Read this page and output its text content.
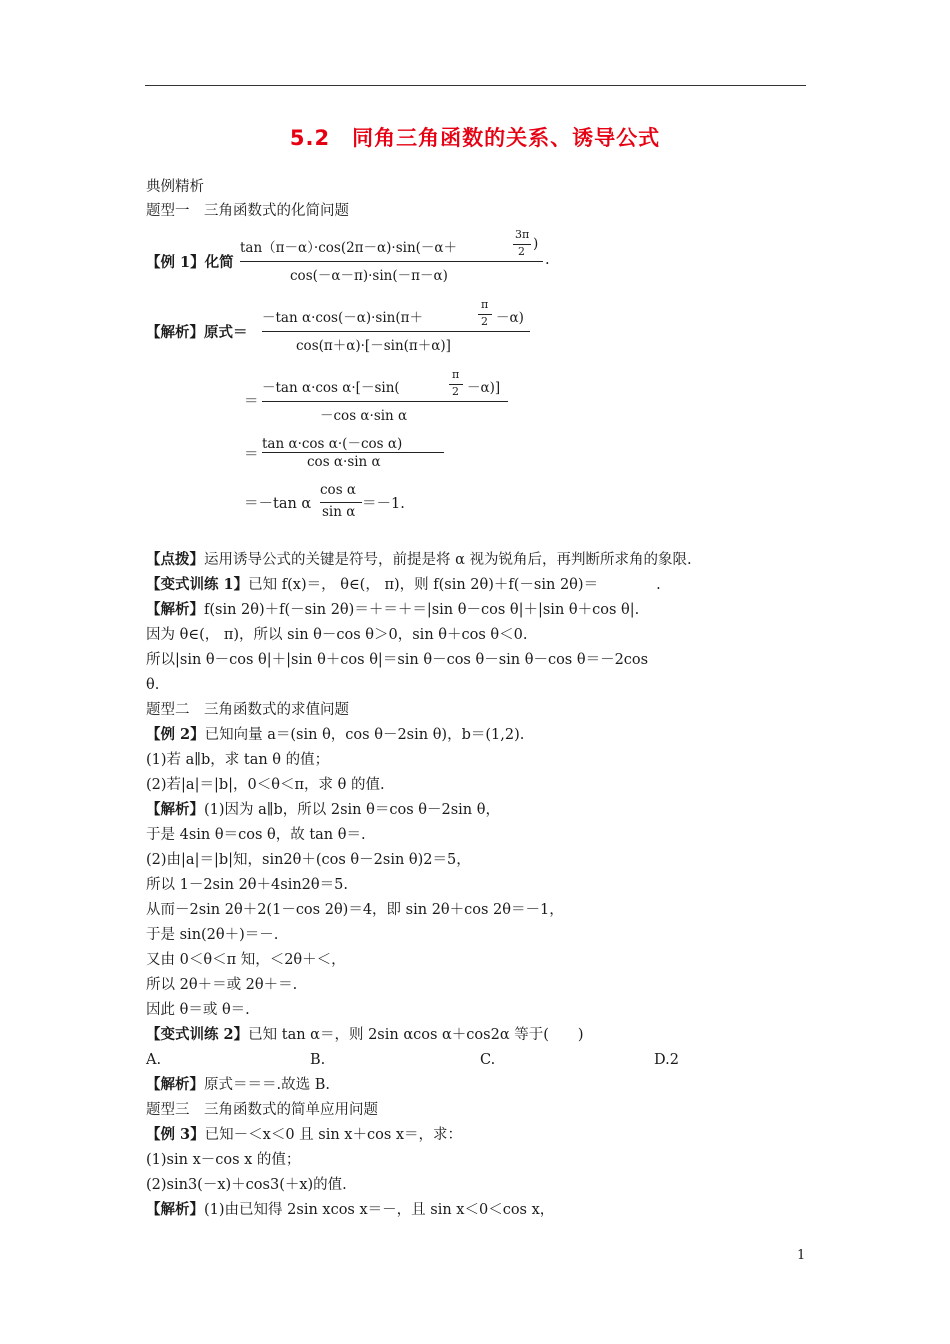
5.2　同角三角函数的关系、诱导公式
典例精析
题型一　三角函数式的化简问题
【例 1】化简
tan（π－α）·cos(2π－α)·sin(－α＋
3π
2 )
cos(－α－π)·sin(－π－α)
.
【解析】原式＝
－tan α·cos(－α)·sin(π＋
π
2 －α)
cos(π＋α)·[－sin(π＋α)]
＝
－tan α·cos α·[－sin(
π
2 －α)]
－cos α·sin α
＝
tan α·cos α·(－cos α)
cos α·sin α
＝－tan α
cos α
sin α ＝－1.
【点拨】运用诱导公式的关键是符号，前提是将 α 视为锐角后，再判断所求角的象限.
【变式训练 1】已知 f(x)＝， θ∈(， π)，则 f(sin 2θ)＋f(－sin 2θ)＝　　　　.
【解析】f(sin 2θ)＋f(－sin 2θ)＝＋＝＋＝|sin θ－cos θ|＋|sin θ＋cos θ|.
因为 θ∈(， π)，所以 sin θ－cos θ＞0，sin θ＋cos θ＜0.
所以|sin θ－cos θ|＋|sin θ＋cos θ|＝sin θ－cos θ－sin θ－cos θ＝－2cos
θ.
题型二　三角函数式的求值问题
【例 2】已知向量 a＝(sin θ，cos θ－2sin θ)，b＝(1,2).
(1)若 a∥b，求 tan θ 的值；
(2)若|a|＝|b|，0＜θ＜π，求 θ 的值.
【解析】(1)因为 a∥b，所以 2sin θ＝cos θ－2sin θ，
于是 4sin θ＝cos θ，故 tan θ＝.
(2)由|a|＝|b|知，sin2θ＋(cos θ－2sin θ)2＝5，
所以 1－2sin 2θ＋4sin2θ＝5.
从而－2sin 2θ＋2(1－cos 2θ)＝4，即 sin 2θ＋cos 2θ＝－1，
于是 sin(2θ＋)＝－.
又由 0＜θ＜π 知，＜2θ＋＜，
所以 2θ＋＝或 2θ＋＝.
因此 θ＝或 θ＝.
【变式训练 2】已知 tan α＝，则 2sin αcos α＋cos2α 等于(　　)
A.	B.	C.	D.2
【解析】原式＝＝＝.故选 B.
题型三　三角函数式的简单应用问题
【例 3】已知－＜x＜0 且 sin x＋cos x＝，求：
(1)sin x－cos x 的值；
(2)sin3(－x)＋cos3(＋x)的值.
【解析】(1)由已知得 2sin xcos x＝－，且 sin x＜0＜cos x，
1
